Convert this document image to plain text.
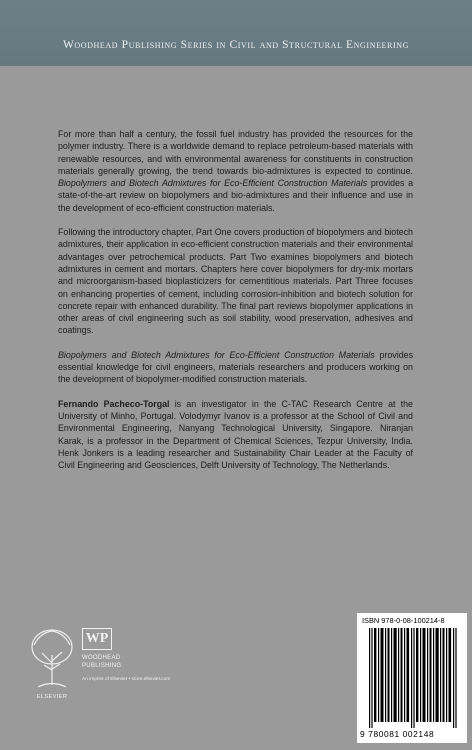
Woodhead Publishing Series in Civil and Structural Engineering

For more than half a century, the fossil fuel industry has provided the resources for the polymer industry. There is a worldwide demand to replace petroleum-based materials with renewable resources, and with environmental awareness for constituents in construction materials generally growing, the trend towards bio-admixtures is expected to continue. Biopolymers and Biotech Admixtures for Eco-Efficient Construction Materials provides a state-of-the-art review on biopolymers and bio-admixtures and their influence and use in the development of eco-efficient construction materials.

Following the introductory chapter, Part One covers production of biopolymers and biotech admixtures, their application in eco-efficient construction materials and their environmental advantages over petrochemical products. Part Two examines biopolymers and biotech admixtures in cement and mortars. Chapters here cover biopolymers for dry-mix mortars and microorganism-based bioplasticizers for cementitious materials. Part Three focuses on enhancing properties of cement, including corrosion-inhibition and biotech solution for concrete repair with enhanced durability. The final part reviews biopolymer applications in other areas of civil engineering such as soil stability, wood preservation, adhesives and coatings.

Biopolymers and Biotech Admixtures for Eco-Efficient Construction Materials provides essential knowledge for civil engineers, materials researchers and producers working on the development of biopolymer-modified construction materials.

Fernando Pacheco-Torgal is an investigator in the C-TAC Research Centre at the University of Minho, Portugal. Volodymyr Ivanov is a professor at the School of Civil and Environmental Engineering, Nanyang Technological University, Singapore. Niranjan Karak, is a professor in the Department of Chemical Sciences, Tezpur University, India. Henk Jonkers is a leading researcher and Sustainability Chair Leader at the Faculty of Civil Engineering and Geosciences, Delft University of Technology, The Netherlands.

ELSEVIER
WP
WOODHEAD
PUBLISHING
An imprint of Elsevier • store.elsevier.com
ISBN 978-0-08-100214-8
9 780081 002148
